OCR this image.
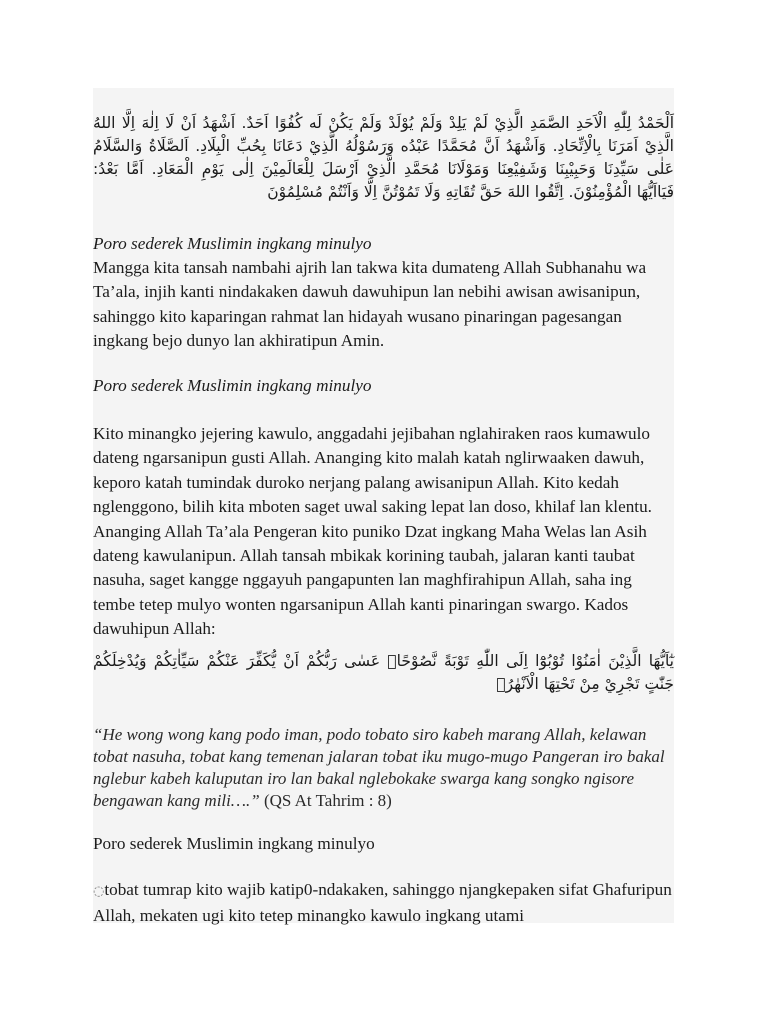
اَلْحَمْدُ لِلّٰهِ الْاَحَدِ الصَّمَدِ الَّذِيْ لَمْ يَلِدْ وَلَمْ يُوْلَدْ وَلَمْ يَكُنْ لَه كُفُوًا اَحَدٌ. اَشْهَدُ اَنْ لَا اِلٰهَ اِلَّا اللهُ الَّذِيْ اَمَرَنَا بِالْاِتِّحَادِ. وَاَشْهَدُ اَنَّ مُحَمَّدًا عَبْدُه وَرَسُوْلُهُ الَّذِيْ دَعَانَا بِحُبِّ الْبِلَادِ. اَلصَّلَاةُ وَالسَّلَامُ عَلٰى سَيِّدِنَا وَحَبِيْبِنَا وَشَفِيْعِنَا وَمَوْلَانَا مُحَمَّدِ الَّذِيْ اَرْسَلَ لِلْعَالَمِيْنَ اِلٰى يَوْمِ الْمَعَادِ. اَمَّا بَعْدُ: فَيَااَيُّهَا الْمُؤْمِنُوْنَ. اِتَّقُوا اللهَ حَقَّ تُقَاتِهِ وَلَا تَمُوْتُنَّ اِلَّا وَاَنْتُمْ مُسْلِمُوْنَ

Poro sederek Muslimin ingkang minulyo

Mangga kita tansah nambahi ajrih lan takwa kita dumateng Allah Subhanahu wa Ta’ala, injih kanti nindakaken dawuh dawuhipun lan nebihi awisan awisanipun, sahinggo kito kaparingan rahmat lan hidayah wusano pinaringan pagesangan ingkang bejo dunyo lan akhiratipun Amin.

Poro sederek Muslimin ingkang minulyo

Kito minangko jejering kawulo, anggadahi jejibahan nglahiraken raos kumawulo dateng ngarsanipun gusti Allah. Ananging kito malah katah nglirwaaken dawuh, keporo katah tumindak duroko nerjang palang awisanipun Allah. Kito kedah nglenggono, bilih kita mboten saget uwal saking lepat lan doso, khilaf lan klentu. Ananging Allah Ta’ala Pengeran kito puniko Dzat ingkang Maha Welas lan Asih dateng kawulanipun. Allah tansah mbikak korining taubah, jalaran kanti taubat nasuha, saget kangge nggayuh pangapunten lan maghfirahipun Allah, saha ing tembe tetep mulyo wonten ngarsanipun Allah kanti pinaringan swargo. Kados dawuhipun Allah:

يٰٓاَيُّهَا الَّذِيْنَ اٰمَنُوْا تُوْبُوْٓا اِلَى اللّٰهِ تَوْبَةً نَّصُوْحًاۗ عَسٰى رَبُّكُمْ اَنْ يُّكَفِّرَ عَنْكُمْ سَيِّاٰتِكُمْ وَيُدْخِلَكُمْ جَنّٰتٍ تَجْرِيْ مِنْ تَحْتِهَا الْاَنْهٰرُۙ

“He wong wong kang podo iman, podo tobato siro kabeh marang Allah, kelawan tobat nasuha, tobat kang temenan jalaran tobat iku mugo-mugo Pangeran iro bakal nglebur kabeh kaluputan iro lan bakal nglebokake swarga kang songko ngisore bengawan kang mili….” (QS At Tahrim : 8)

Poro sederek Muslimin ingkang minulyo

◌tobat tumrap kito wajib katip0-ndakaken, sahinggo njangkepaken sifat Ghafuripun Allah, mekaten ugi kito tetep minangko kawulo ingkang utami
